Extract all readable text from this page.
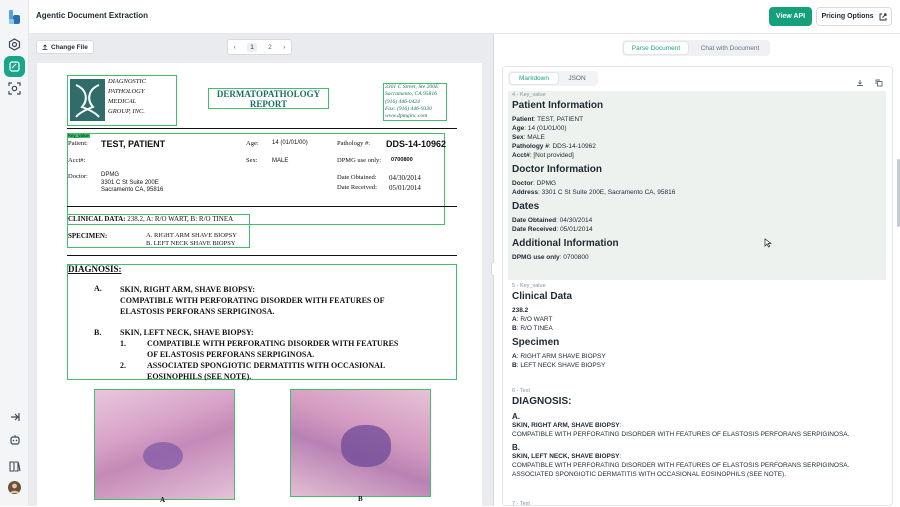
Agentic Document Extraction	View API	Pricing Options
Change File	‹	1	2 ›
DIAGNOSTIC
PATHOLOGY
MEDICAL
GROUP, INC.
DERMATOPATHOLOGY
REPORT
3301 C Street, Ste 200E
Sacramento, CA 95816
(916) 446-0424
Fax: (916) 446-9330
www.dpmginc.com
Key_value
Patient: TEST, PATIENT	Age: 14 (01/01/00)	Pathology #: DDS-14-10962
Acct#:	Sex: MALE	DPMG use only: 0700800
Doctor: DPMG
3301 C St Suite 200E
Sacramento CA, 95816
Date Obtained: 04/30/2014
Date Received: 05/01/2014
CLINICAL DATA: 238.2, A: R/O WART, B: R/O TINEA
SPECIMEN:	A. RIGHT ARM SHAVE BIOPSY
B. LEFT NECK SHAVE BIOPSY
DIAGNOSIS:
A. SKIN, RIGHT ARM, SHAVE BIOPSY:
COMPATIBLE WITH PERFORATING DISORDER WITH FEATURES OF
ELASTOSIS PERFORANS SERPIGINOSA.
B. SKIN, LEFT NECK, SHAVE BIOPSY:
1.	COMPATIBLE WITH PERFORATING DISORDER WITH FEATURES
OF ELASTOSIS PERFORANS SERPIGINOSA.
2.	ASSOCIATED SPONGIOTIC DERMATITIS WITH OCCASIONAL
EOSINOPHILS (SEE NOTE).
A	B
Parse Document	Chat with Document
Markdown	JSON
4 - Key_value
Patient Information
Patient: TEST, PATIENT
Age: 14 (01/01/00)
Sex: MALE
Pathology #: DDS-14-10962
Acct#: [Not provided]
Doctor Information
Doctor: DPMG
Address: 3301 C St Suite 200E, Sacramento CA, 95816
Dates
Date Obtained: 04/30/2014
Date Received: 05/01/2014
Additional Information
DPMG use only: 0700800
5 - Key_value
Clinical Data
238.2
A: R/O WART
B: R/O TINEA
Specimen
A: RIGHT ARM SHAVE BIOPSY
B: LEFT NECK SHAVE BIOPSY
6 - Text
DIAGNOSIS:
A.
SKIN, RIGHT ARM, SHAVE BIOPSY:
COMPATIBLE WITH PERFORATING DISORDER WITH FEATURES OF ELASTOSIS PERFORANS SERPIGINOSA.
B.
SKIN, LEFT NECK, SHAVE BIOPSY:
COMPATIBLE WITH PERFORATING DISORDER WITH FEATURES OF ELASTOSIS PERFORANS SERPIGINOSA.
ASSOCIATED SPONGIOTIC DERMATITIS WITH OCCASIONAL EOSINOPHILS (SEE NOTE).
7 - Text
